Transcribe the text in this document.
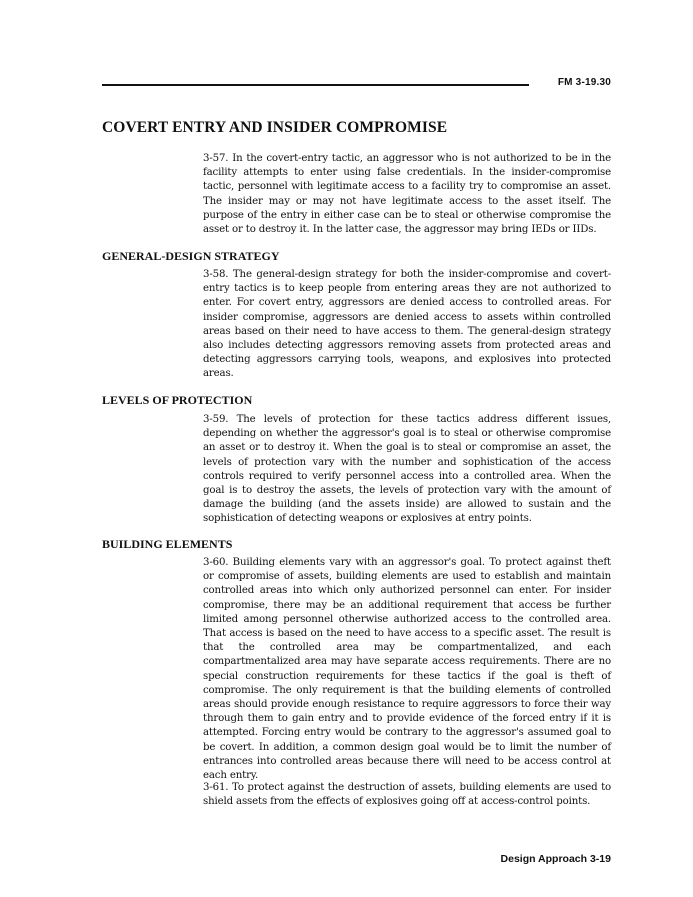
FM 3-19.30
COVERT ENTRY AND INSIDER COMPROMISE

3-57. In the covert-entry tactic, an aggressor who is not authorized to be in the facility attempts to enter using false credentials. In the insider-compromise tactic, personnel with legitimate access to a facility try to compromise an asset. The insider may or may not have legitimate access to the asset itself. The purpose of the entry in either case can be to steal or otherwise compromise the asset or to destroy it. In the latter case, the aggressor may bring IEDs or IIDs.

GENERAL-DESIGN STRATEGY

3-58. The general-design strategy for both the insider-compromise and covert-entry tactics is to keep people from entering areas they are not authorized to enter. For covert entry, aggressors are denied access to controlled areas. For insider compromise, aggressors are denied access to assets within controlled areas based on their need to have access to them. The general-design strategy also includes detecting aggressors removing assets from protected areas and detecting aggressors carrying tools, weapons, and explosives into protected areas.

LEVELS OF PROTECTION

3-59. The levels of protection for these tactics address different issues, depending on whether the aggressor's goal is to steal or otherwise compromise an asset or to destroy it. When the goal is to steal or compromise an asset, the levels of protection vary with the number and sophistication of the access controls required to verify personnel access into a controlled area. When the goal is to destroy the assets, the levels of protection vary with the amount of damage the building (and the assets inside) are allowed to sustain and the sophistication of detecting weapons or explosives at entry points.

BUILDING ELEMENTS

3-60. Building elements vary with an aggressor's goal. To protect against theft or compromise of assets, building elements are used to establish and maintain controlled areas into which only authorized personnel can enter. For insider compromise, there may be an additional requirement that access be further limited among personnel otherwise authorized access to the controlled area. That access is based on the need to have access to a specific asset. The result is that the controlled area may be compartmentalized, and each compartmentalized area may have separate access requirements. There are no special construction requirements for these tactics if the goal is theft of compromise. The only requirement is that the building elements of controlled areas should provide enough resistance to require aggressors to force their way through them to gain entry and to provide evidence of the forced entry if it is attempted. Forcing entry would be contrary to the aggressor's assumed goal to be covert. In addition, a common design goal would be to limit the number of entrances into controlled areas because there will need to be access control at each entry.

3-61. To protect against the destruction of assets, building elements are used to shield assets from the effects of explosives going off at access-control points.

Design Approach 3-19
